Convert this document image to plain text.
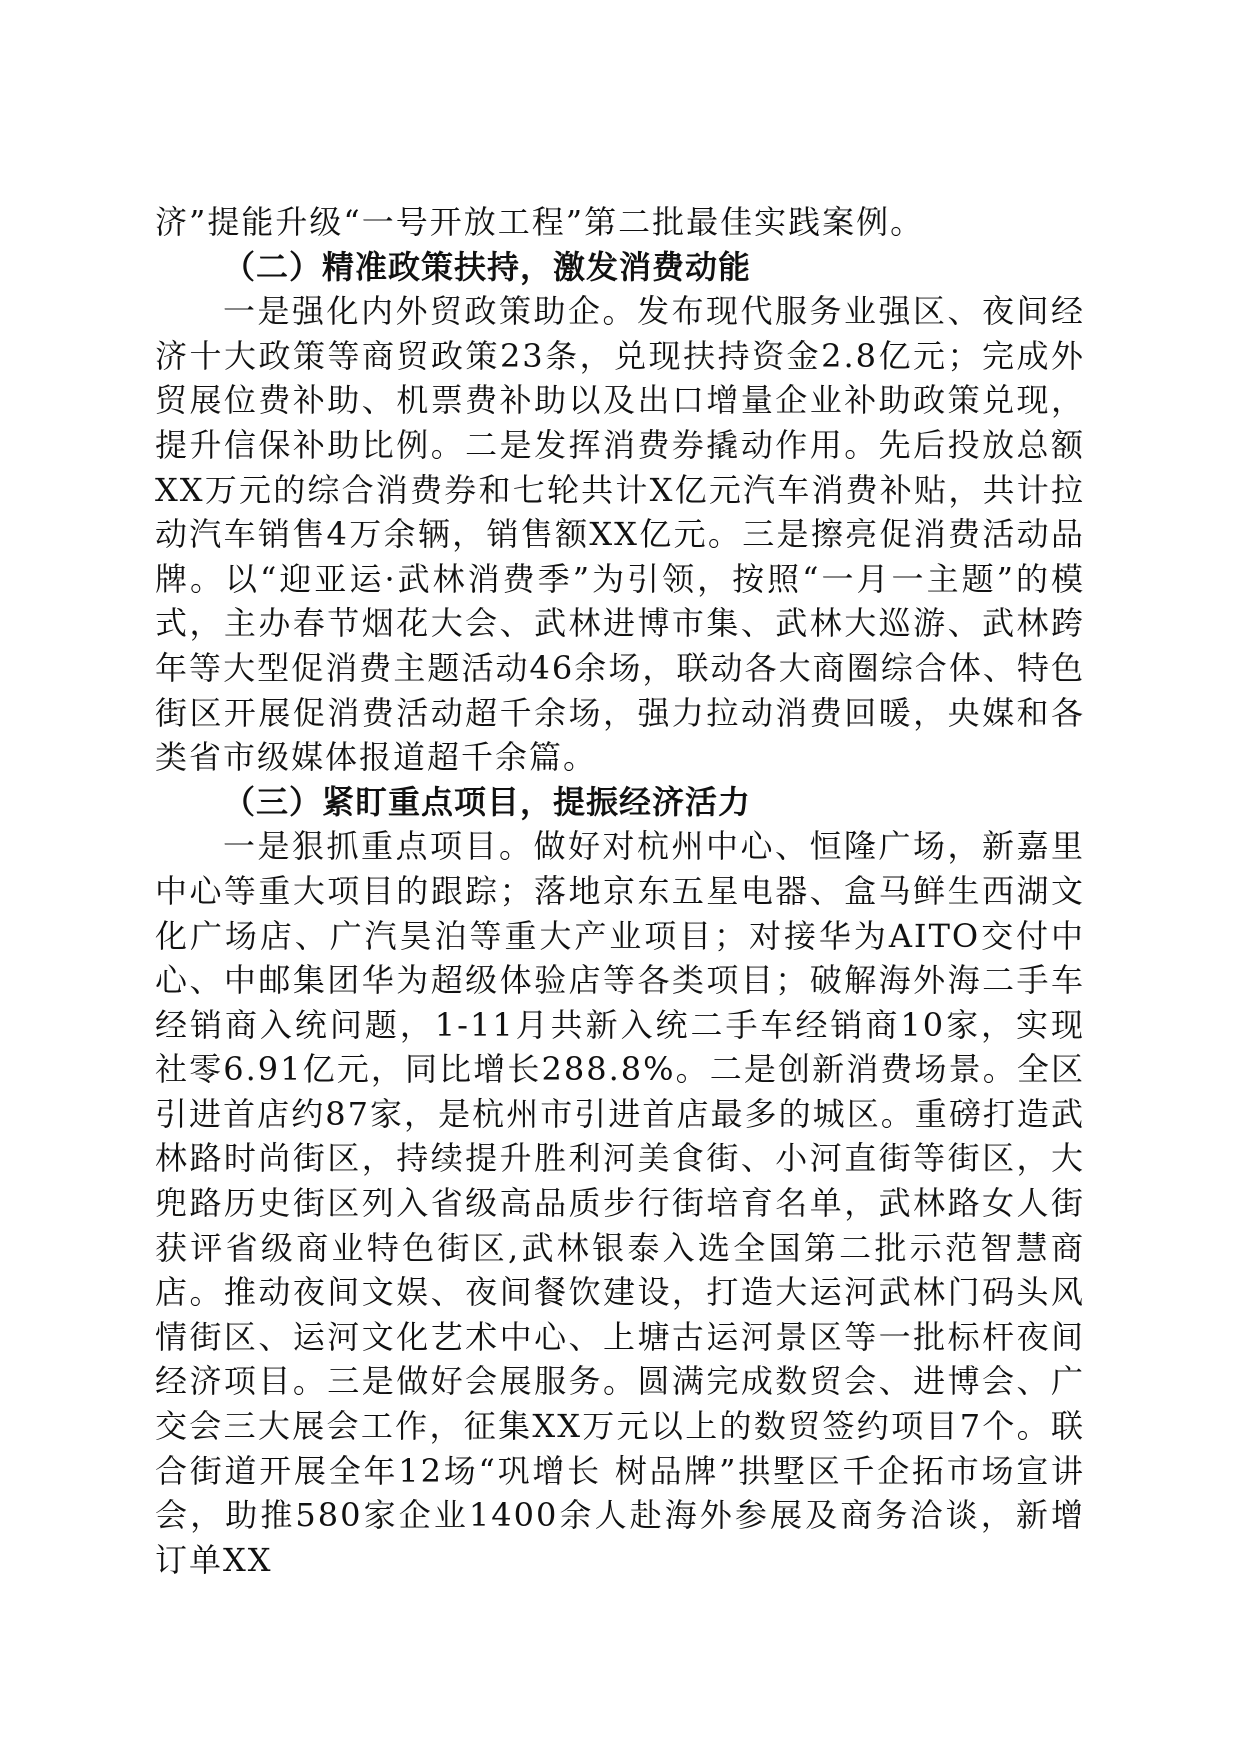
济”提能升级“一号开放工程”第二批最佳实践案例。

（二）精准政策扶持，激发消费动能

一是强化内外贸政策助企。发布现代服务业强区、夜间经济十大政策等商贸政策23条，兑现扶持资金2.8亿元；完成外贸展位费补助、机票费补助以及出口增量企业补助政策兑现，提升信保补助比例。二是发挥消费券撬动作用。先后投放总额XX万元的综合消费券和七轮共计X亿元汽车消费补贴，共计拉动汽车销售4万余辆，销售额XX亿元。三是擦亮促消费活动品牌。以“迎亚运·武林消费季”为引领，按照“一月一主题”的模式，主办春节烟花大会、武林进博市集、武林大巡游、武林跨年等大型促消费主题活动46余场，联动各大商圈综合体、特色街区开展促消费活动超千余场，强力拉动消费回暖，央媒和各类省市级媒体报道超千余篇。

（三）紧盯重点项目，提振经济活力

一是狠抓重点项目。做好对杭州中心、恒隆广场，新嘉里中心等重大项目的跟踪；落地京东五星电器、盒马鲜生西湖文化广场店、广汽昊泊等重大产业项目；对接华为AITO交付中心、中邮集团华为超级体验店等各类项目；破解海外海二手车经销商入统问题，1-11月共新入统二手车经销商10家，实现社零6.91亿元，同比增长288.8%。二是创新消费场景。全区引进首店约87家，是杭州市引进首店最多的城区。重磅打造武林路时尚街区，持续提升胜利河美食街、小河直街等街区，大兜路历史街区列入省级高品质步行街培育名单，武林路女人街获评省级商业特色街区,武林银泰入选全国第二批示范智慧商店。推动夜间文娱、夜间餐饮建设，打造大运河武林门码头风情街区、运河文化艺术中心、上塘古运河景区等一批标杆夜间经济项目。三是做好会展服务。圆满完成数贸会、进博会、广交会三大展会工作，征集XX万元以上的数贸签约项目7个。联合街道开展全年12场“巩增长 树品牌”拱墅区千企拓市场宣讲会，助推580家企业1400余人赴海外参展及商务洽谈，新增订单XX
